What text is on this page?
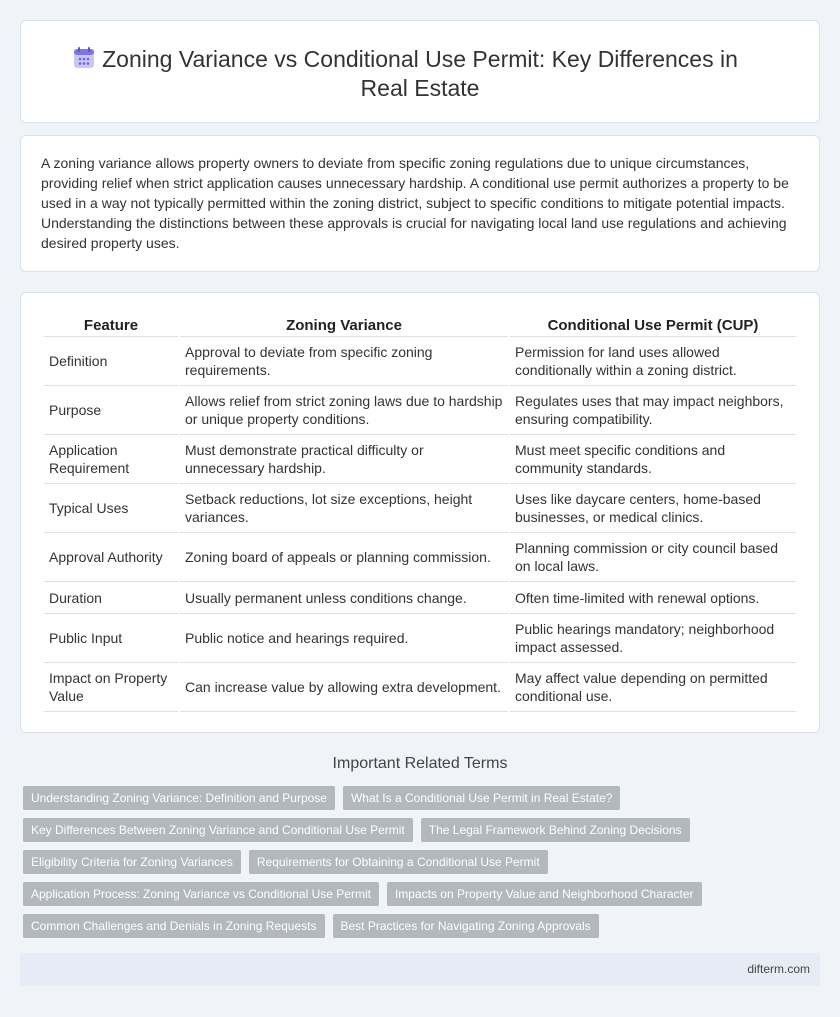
Zoning Variance vs Conditional Use Permit: Key Differences in Real Estate

A zoning variance allows property owners to deviate from specific zoning regulations due to unique circumstances, providing relief when strict application causes unnecessary hardship. A conditional use permit authorizes a property to be used in a way not typically permitted within the zoning district, subject to specific conditions to mitigate potential impacts. Understanding the distinctions between these approvals is crucial for navigating local land use regulations and achieving desired property uses.

Feature	Zoning Variance	Conditional Use Permit (CUP)
Definition	Approval to deviate from specific zoning requirements.	Permission for land uses allowed conditionally within a zoning district.
Purpose	Allows relief from strict zoning laws due to hardship or unique property conditions.	Regulates uses that may impact neighbors, ensuring compatibility.
Application Requirement	Must demonstrate practical difficulty or unnecessary hardship.	Must meet specific conditions and community standards.
Typical Uses	Setback reductions, lot size exceptions, height variances.	Uses like daycare centers, home-based businesses, or medical clinics.
Approval Authority	Zoning board of appeals or planning commission.	Planning commission or city council based on local laws.
Duration	Usually permanent unless conditions change.	Often time-limited with renewal options.
Public Input	Public notice and hearings required.	Public hearings mandatory; neighborhood impact assessed.
Impact on Property Value	Can increase value by allowing extra development.	May affect value depending on permitted conditional use.
Important Related Terms
Understanding Zoning Variance: Definition and Purpose	What Is a Conditional Use Permit in Real Estate?
Key Differences Between Zoning Variance and Conditional Use Permit	The Legal Framework Behind Zoning Decisions
Eligibility Criteria for Zoning Variances	Requirements for Obtaining a Conditional Use Permit
Application Process: Zoning Variance vs Conditional Use Permit	Impacts on Property Value and Neighborhood Character
Common Challenges and Denials in Zoning Requests	Best Practices for Navigating Zoning Approvals
difterm.com
